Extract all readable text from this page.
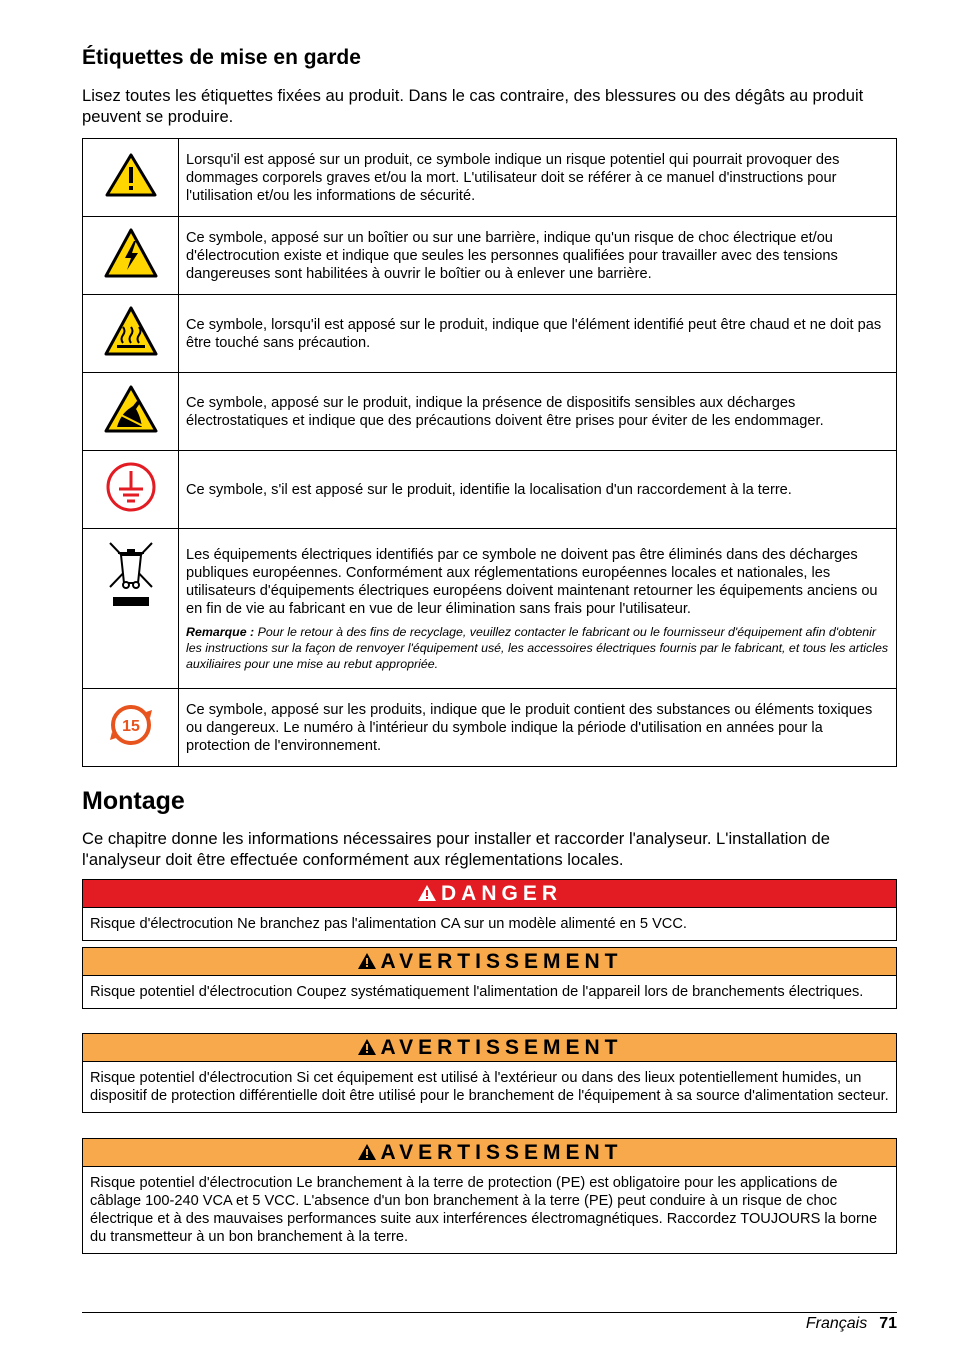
Étiquettes de mise en garde

Lisez toutes les étiquettes fixées au produit. Dans le cas contraire, des blessures ou des dégâts au produit peuvent se produire.

	Lorsqu'il est apposé sur un produit, ce symbole indique un risque potentiel qui pourrait provoquer des dommages corporels graves et/ou la mort. L'utilisateur doit se référer à ce manuel d'instructions pour l'utilisation et/ou les informations de sécurité.
	Ce symbole, apposé sur un boîtier ou sur une barrière, indique qu'un risque de choc électrique et/ou d'électrocution existe et indique que seules les personnes qualifiées pour travailler avec des tensions dangereuses sont habilitées à ouvrir le boîtier ou à enlever une barrière.
	Ce symbole, lorsqu'il est apposé sur le produit, indique que l'élément identifié peut être chaud et ne doit pas être touché sans précaution.
	Ce symbole, apposé sur le produit, indique la présence de dispositifs sensibles aux décharges électrostatiques et indique que des précautions doivent être prises pour éviter de les endommager.
	Ce symbole, s'il est apposé sur le produit, identifie la localisation d'un raccordement à la terre.

Les équipements électriques identifiés par ce symbole ne doivent pas être éliminés dans des décharges publiques européennes. Conformément aux réglementations européennes locales et nationales, les utilisateurs d'équipements électriques européens doivent maintenant retourner les équipements anciens ou en fin de vie au fabricant en vue de leur élimination sans frais pour l'utilisateur.
Remarque : Pour le retour à des fins de recyclage, veuillez contacter le fabricant ou le fournisseur d'équipement afin d'obtenir les instructions sur la façon de renvoyer l'équipement usé, les accessoires électriques fournis par le fabricant, et tous les articles auxiliaires pour une mise au rebut appropriée.

15	Ce symbole, apposé sur les produits, indique que le produit contient des substances ou éléments toxiques ou dangereux. Le numéro à l'intérieur du symbole indique la période d'utilisation en années pour la protection de l'environnement.
Montage

Ce chapitre donne les informations nécessaires pour installer et raccorder l'analyseur. L'installation de l'analyseur doit être effectuée conformément aux réglementations locales.

DANGER
Risque d'électrocution Ne branchez pas l'alimentation CA sur un modèle alimenté en 5 VCC.
AVERTISSEMENT
Risque potentiel d'électrocution Coupez systématiquement l'alimentation de l'appareil lors de branchements électriques.
AVERTISSEMENT
Risque potentiel d'électrocution Si cet équipement est utilisé à l'extérieur ou dans des lieux potentiellement humides, un dispositif de protection différentielle doit être utilisé pour le branchement de l'équipement à sa source d'alimentation secteur.
AVERTISSEMENT
Risque potentiel d'électrocution Le branchement à la terre de protection (PE) est obligatoire pour les applications de câblage 100-240 VCA et 5 VCC. L'absence d'un bon branchement à la terre (PE) peut conduire à un risque de choc électrique et à des mauvaises performances suite aux interférences électromagnétiques. Raccordez TOUJOURS la borne du transmetteur à un bon branchement à la terre.
Français 71
